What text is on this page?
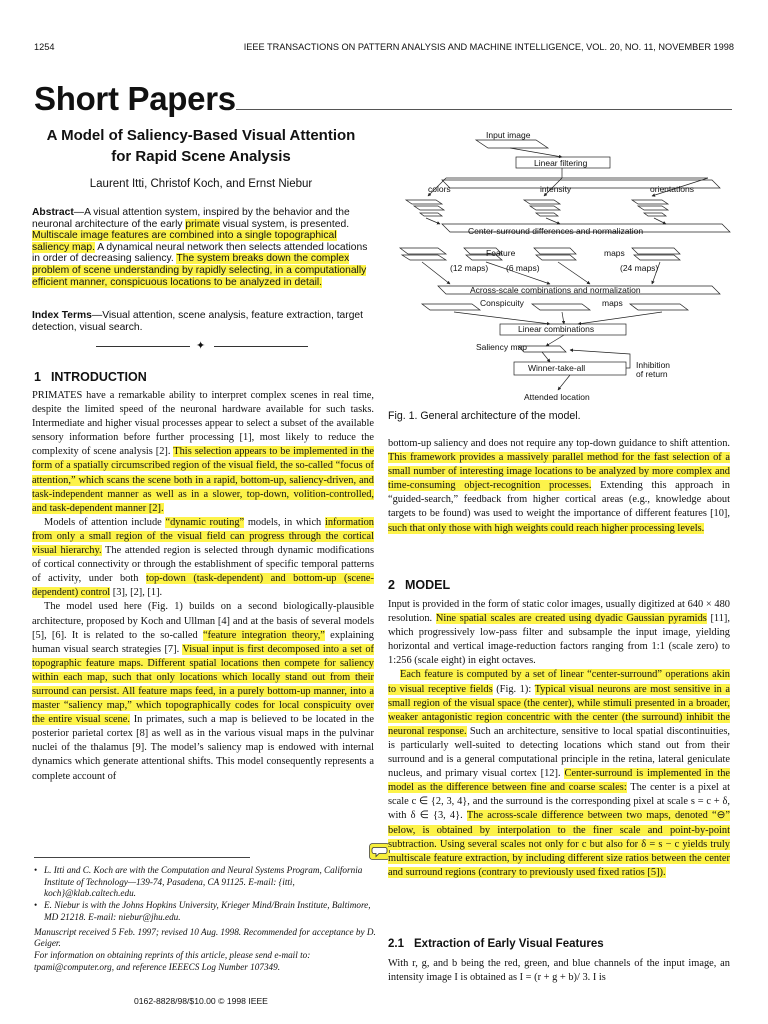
1254	IEEE TRANSACTIONS ON PATTERN ANALYSIS AND MACHINE INTELLIGENCE, VOL. 20, NO. 11, NOVEMBER 1998
Short Papers
A Model of Saliency-Based Visual Attention
for Rapid Scene Analysis
Laurent Itti, Christof Koch, and Ernst Niebur
Abstract—A visual attention system, inspired by the behavior and the neuronal architecture of the early primate visual system, is presented. Multiscale image features are combined into a single topographical saliency map. A dynamical neural network then selects attended locations in order of decreasing saliency. The system breaks down the complex problem of scene understanding by rapidly selecting, in a computationally efficient manner, conspicuous locations to be analyzed in detail.
Index Terms—Visual attention, scene analysis, feature extraction, target detection, visual search.
✦
1 INTRODUCTION

PRIMATES have a remarkable ability to interpret complex scenes in real time, despite the limited speed of the neuronal hardware available for such tasks. Intermediate and higher visual processes appear to select a subset of the available sensory information before further processing [1], most likely to reduce the complexity of scene analysis [2]. This selection appears to be implemented in the form of a spatially circumscribed region of the visual field, the so-called “focus of attention,” which scans the scene both in a rapid, bottom-up, saliency-driven, and task-independent manner as well as in a slower, top-down, volition-controlled, and task-dependent manner [2].

Models of attention include “dynamic routing” models, in which information from only a small region of the visual field can progress through the cortical visual hierarchy. The attended region is selected through dynamic modifications of cortical connectivity or through the establishment of specific temporal patterns of activity, under both top-down (task-dependent) and bottom-up (scene-dependent) control [3], [2], [1].

The model used here (Fig. 1) builds on a second biologically-plausible architecture, proposed by Koch and Ullman [4] and at the basis of several models [5], [6]. It is related to the so-called “feature integration theory,” explaining human visual search strategies [7]. Visual input is first decomposed into a set of topographic feature maps. Different spatial locations then compete for saliency within each map, such that only locations which locally stand out from their surround can persist. All feature maps feed, in a purely bottom-up manner, into a master “saliency map,” which topographically codes for local conspicuity over the entire visual scene. In primates, such a map is believed to be located in the posterior parietal cortex [8] as well as in the various visual maps in the pulvinar nuclei of the thalamus [9]. The model’s saliency map is endowed with internal dynamics which generate attentional shifts. This model consequently represents a complete account of

• L. Itti and C. Koch are with the Computation and Neural Systems Program, California Institute of Technology—139-74, Pasadena, CA 91125. E-mail: {itti, koch}@klab.caltech.edu.
• E. Niebur is with the Johns Hopkins University, Krieger Mind/Brain Institute, Baltimore, MD 21218. E-mail: niebur@jhu.edu.
Manuscript received 5 Feb. 1997; revised 10 Aug. 1998. Recommended for acceptance by D. Geiger.
For information on obtaining reprints of this article, please send e-mail to: tpami@computer.org, and reference IEEECS Log Number 107349.
0162-8828/98/$10.00 © 1998 IEEE
Input image
Linear filtering
colors	intensity	orientations
Center-surround differences and normalization
Feature	maps
(12 maps) (6 maps)	(24 maps)
Across-scale combinations and normalization
Conspicuity	maps
Linear combinations
Saliency map
Winner-take-all	Inhibition
of return
Attended location
Fig. 1. General architecture of the model.

bottom-up saliency and does not require any top-down guidance to shift attention. This framework provides a massively parallel method for the fast selection of a small number of interesting image locations to be analyzed by more complex and time-consuming object-recognition processes. Extending this approach in “guided-search,” feedback from higher cortical areas (e.g., knowledge about targets to be found) was used to weight the importance of different features [10], such that only those with high weights could reach higher processing levels.

2 MODEL

Input is provided in the form of static color images, usually digitized at 640 × 480 resolution. Nine spatial scales are created using dyadic Gaussian pyramids [11], which progressively low-pass filter and subsample the input image, yielding horizontal and vertical image-reduction factors ranging from 1:1 (scale zero) to 1:256 (scale eight) in eight octaves.

Each feature is computed by a set of linear “center-surround” operations akin to visual receptive fields (Fig. 1): Typical visual neurons are most sensitive in a small region of the visual space (the center), while stimuli presented in a broader, weaker antagonistic region concentric with the center (the surround) inhibit the neuronal response. Such an architecture, sensitive to local spatial discontinuities, is particularly well-suited to detecting locations which stand out from their surround and is a general computational principle in the retina, lateral geniculate nucleus, and primary visual cortex [12]. Center-surround is implemented in the model as the difference between fine and coarse scales: The center is a pixel at scale c ∈ {2, 3, 4}, and the surround is the corresponding pixel at scale s = c + δ, with δ ∈ {3, 4}. The across-scale difference between two maps, denoted “⊖” below, is obtained by interpolation to the finer scale and point-by-point subtraction. Using several scales not only for c but also for δ = s − c yields truly multiscale feature extraction, by including different size ratios between the center and surround regions (contrary to previously used fixed ratios [5]).

2.1 Extraction of Early Visual Features

With r, g, and b being the red, green, and blue channels of the input image, an intensity image I is obtained as I = (r + g + b)/ 3. I is
